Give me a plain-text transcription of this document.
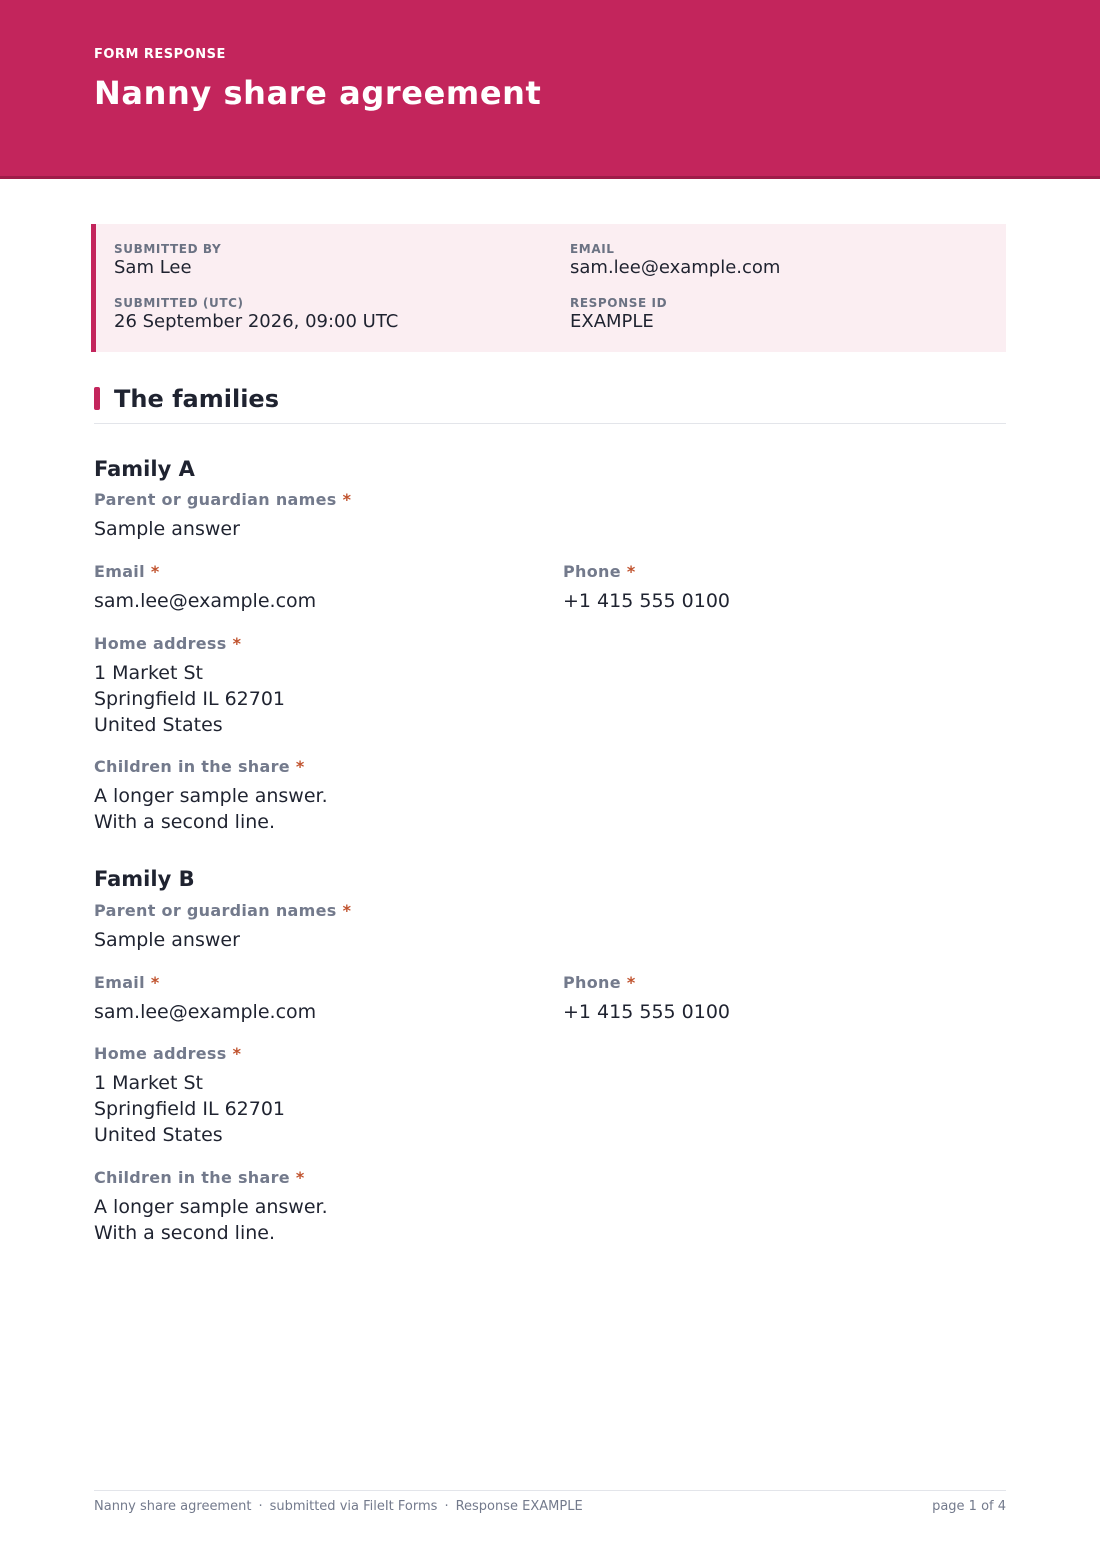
FORM RESPONSE
Nanny share agreement
SUBMITTED BY
Sam Lee
EMAIL
sam.lee@example.com
SUBMITTED (UTC)
26 September 2026, 09:00 UTC
RESPONSE ID
EXAMPLE
The families
Family A
Parent or guardian names *
Sample answer
Email *
sam.lee@example.com
Phone *
+1 415 555 0100
Home address *
1 Market St
Springfield IL 62701
United States
Children in the share *
A longer sample answer.
With a second line.
Family B
Parent or guardian names *
Sample answer
Email *
sam.lee@example.com
Phone *
+1 415 555 0100
Home address *
1 Market St
Springfield IL 62701
United States
Children in the share *
A longer sample answer.
With a second line.
Nanny share agreement · submitted via FileIt Forms · Response EXAMPLE	page 1 of 4
